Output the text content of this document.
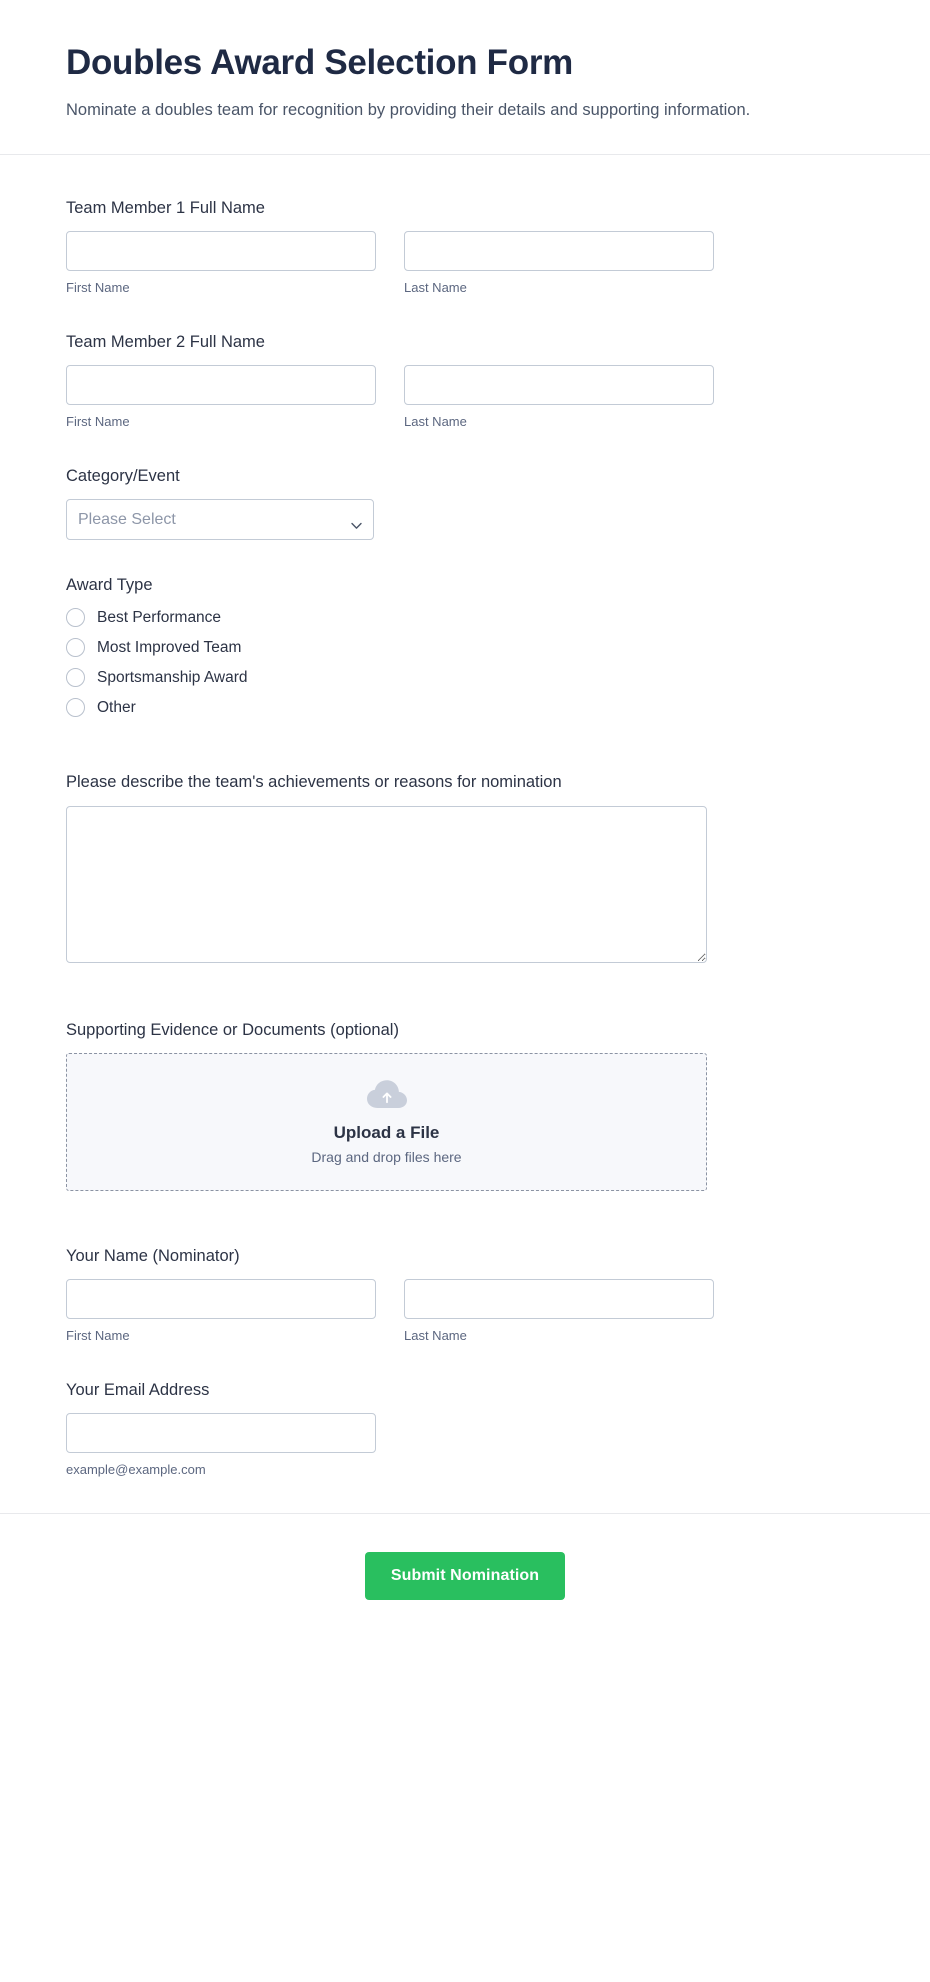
Doubles Award Selection Form

Nominate a doubles team for recognition by providing their details and supporting information.

Team Member 1 Full Name
First Name	Last Name
Team Member 2 Full Name
First Name	Last Name
Category/Event
Please Select
Award Type
Best Performance
Most Improved Team
Sportsmanship Award
Other
Please describe the team's achievements or reasons for nomination
Supporting Evidence or Documents (optional)
Upload a File
Drag and drop files here
Your Name (Nominator)
First Name	Last Name
Your Email Address
example@example.com
Submit Nomination
